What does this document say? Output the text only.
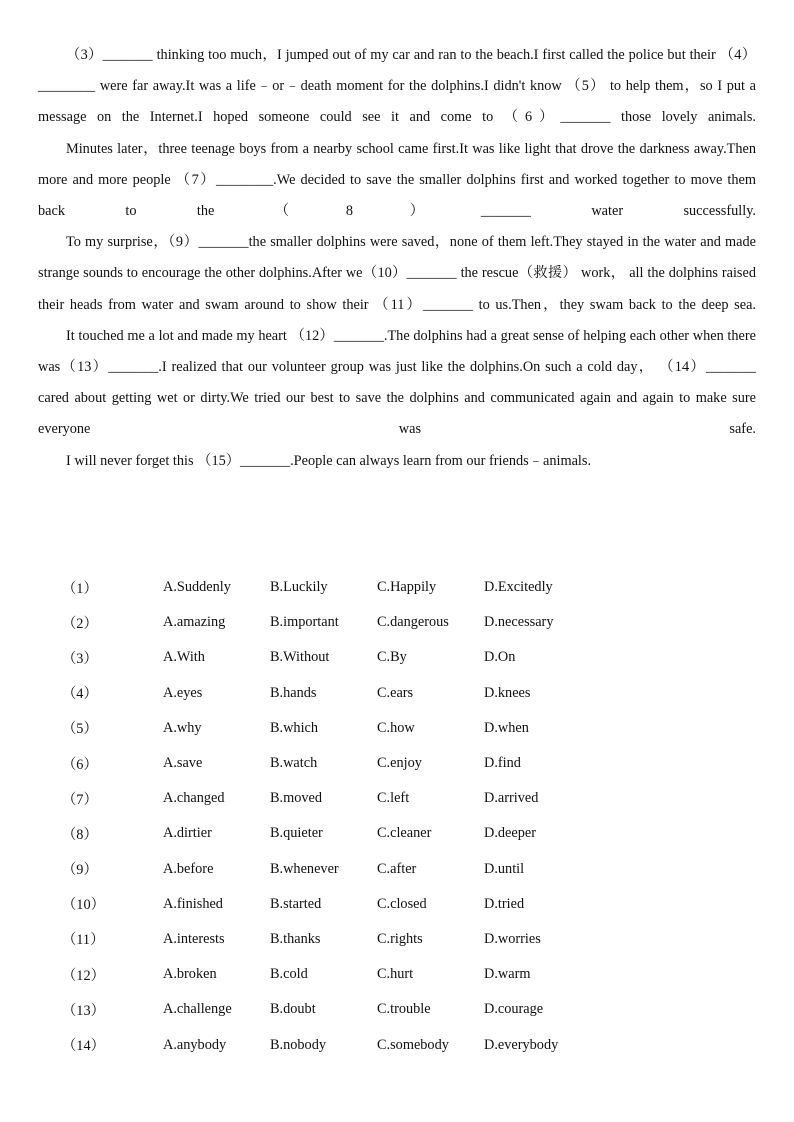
（3）_______ thinking too much，I jumped out of my car and ran to the beach.I first called the police but their （4）________ were far away.It was a life﹣or﹣death moment for the dolphins.I didn't know （5） to help them，so I put a message on the Internet.I hoped someone could see it and come to （6）_______ those lovely animals.

Minutes later，three teenage boys from a nearby school came first.It was like light that drove the darkness away.Then more and more people （7）________.We decided to save the smaller dolphins first and worked together to move them back to the （8）_______ water successfully.

To my surprise，（9）_______the smaller dolphins were saved，none of them left.They stayed in the water and made strange sounds to encourage the other dolphins.After we（10）_______ the rescue（救援） work， all the dolphins raised their heads from water and swam around to show their （11）_______ to us.Then，they swam back to the deep sea.

It touched me a lot and made my heart （12）_______.The dolphins had a great sense of helping each other when there was（13）_______.I realized that our volunteer group was just like the dolphins.On such a cold day， （14）_______ cared about getting wet or dirty.We tried our best to save the dolphins and communicated again and again to make sure everyone was safe.

I will never forget this （15）_______.People can always learn from our friends﹣animals.

（1）	A.Suddenly	B.Luckily	C.Happily	D.Excitedly
（2）	A.amazing	B.important	C.dangerous	D.necessary
（3）	A.With	B.Without	C.By	D.On
（4）	A.eyes	B.hands	C.ears	D.knees
（5）	A.why	B.which	C.how	D.when
（6）	A.save	B.watch	C.enjoy	D.find
（7）	A.changed	B.moved	C.left	D.arrived
（8）	A.dirtier	B.quieter	C.cleaner	D.deeper
（9）	A.before	B.whenever	C.after	D.until
（10）	A.finished	B.started	C.closed	D.tried
（11）	A.interests	B.thanks	C.rights	D.worries
（12）	A.broken	B.cold	C.hurt	D.warm
（13）	A.challenge	B.doubt	C.trouble	D.courage
（14）	A.anybody	B.nobody	C.somebody	D.everybody
